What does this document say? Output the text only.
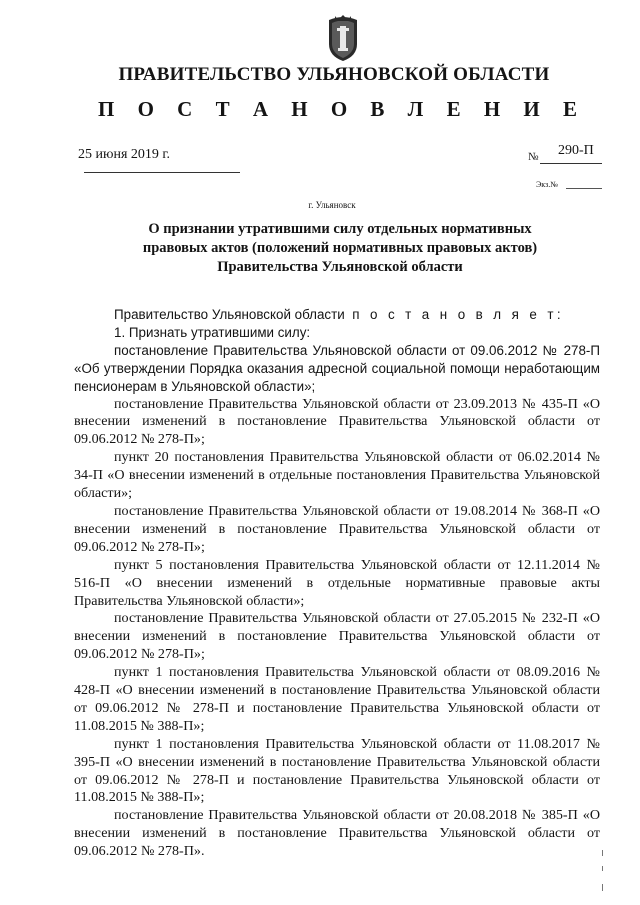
ПРАВИТЕЛЬСТВО УЛЬЯНОВСКОЙ ОБЛАСТИ
П О С Т А Н О В Л Е Н И Е
25 июня 2019 г.	№ 290-П
Экз.№
г. Ульяновск
О признании утратившими силу отдельных нормативных
правовых актов (положений нормативных правовых актов)
Правительства Ульяновской области

Правительство Ульяновской области п о с т а н о в л я е т:

1. Признать утратившими силу:

постановление Правительства Ульяновской области от 09.06.2012 № 278-П «Об утверждении Порядка оказания адресной социальной помощи неработающим пенсионерам в Ульяновской области»;

постановление Правительства Ульяновской области от 23.09.2013 № 435-П «О внесении изменений в постановление Правительства Ульяновской области от 09.06.2012 № 278-П»;

пункт 20 постановления Правительства Ульяновской области от 06.02.2014 № 34-П «О внесении изменений в отдельные постановления Правительства Ульяновской области»;

постановление Правительства Ульяновской области от 19.08.2014 № 368-П «О внесении изменений в постановление Правительства Ульяновской области от 09.06.2012 № 278-П»;

пункт 5 постановления Правительства Ульяновской области от 12.11.2014 № 516-П «О внесении изменений в отдельные нормативные правовые акты Правительства Ульяновской области»;

постановление Правительства Ульяновской области от 27.05.2015 № 232-П «О внесении изменений в постановление Правительства Ульяновской области от 09.06.2012 № 278-П»;

пункт 1 постановления Правительства Ульяновской области от 08.09.2016 № 428-П «О внесении изменений в постановление Правительства Ульяновской области от 09.06.2012 № 278-П и постановление Правительства Ульяновской области от 11.08.2015 № 388-П»;

пункт 1 постановления Правительства Ульяновской области от 11.08.2017 № 395-П «О внесении изменений в постановление Правительства Ульяновской области от 09.06.2012 № 278-П и постановление Правительства Ульяновской области от 11.08.2015 № 388-П»;

постановление Правительства Ульяновской области от 20.08.2018 № 385-П «О внесении изменений в постановление Правительства Ульяновской области от 09.06.2012 № 278-П».
